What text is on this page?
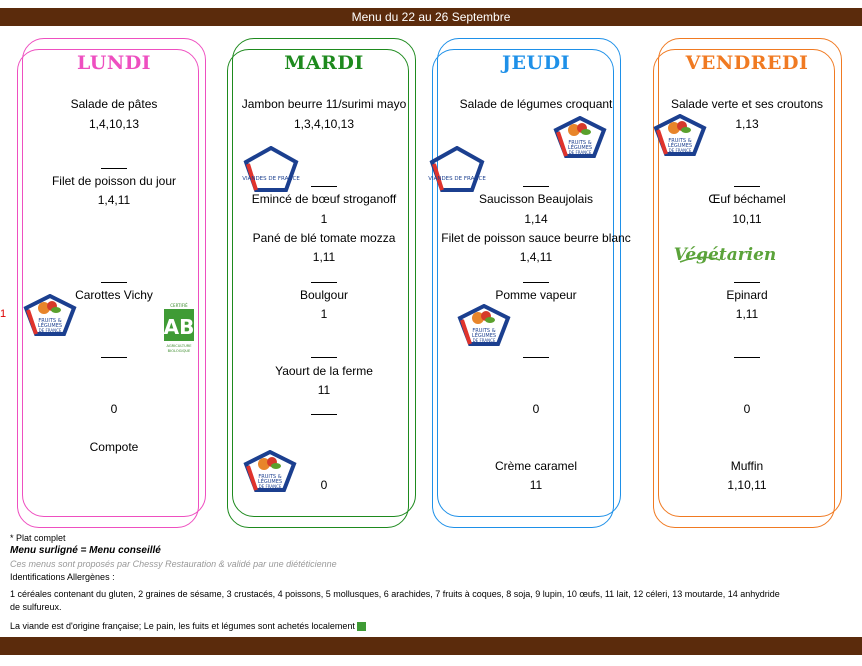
Menu du 22 au 26 Septembre
1
LUNDI
Salade de pâtes
1,4,10,13
Filet de poisson du jour
1,4,11
Carottes Vichy
0
Compote
FRUITS &
LÉGUMES
DE FRANCE
CERTIFIÉ
AB
AGRICULTURE
BIOLOGIQUE
MARDI
Jambon beurre 11/surimi mayo
1,3,4,10,13
Emincé de bœuf stroganoff
1
Pané de blé tomate mozza
1,11
Boulgour
1
Yaourt de la ferme
11
0
VIANDES DE FRANCE
FRUITS &
LÉGUMES
DE FRANCE
JEUDI
Salade de légumes croquant
Saucisson Beaujolais
1,14
Filet de poisson sauce beurre blanc
1,4,11
Pomme vapeur
0
Crème caramel
11
FRUITS &
LÉGUMES
DE FRANCE
VIANDES DE FRANCE
FRUITS &
LÉGUMES
DE FRANCE
VENDREDI
Salade verte et ses croutons
1,13
Œuf béchamel
10,11
Epinard
1,11
0
Muffin
1,10,11
FRUITS &
LÉGUMES
DE FRANCE
Végétarien
* Plat complet
Menu surligné = Menu conseillé
Ces menus sont proposés par Chessy Restauration & validé par une diététicienne
Identifications Allergènes :
1 céréales contenant du gluten, 2 graines de sésame, 3 crustacés, 4 poissons, 5 mollusques, 6 arachides, 7 fruits à coques, 8 soja, 9 lupin, 10 œufs, 11 lait, 12 céleri, 13 moutarde, 14 anhydride
de sulfureux.
La viande est d'origine française; Le pain, les fuits et légumes sont achetés localement
